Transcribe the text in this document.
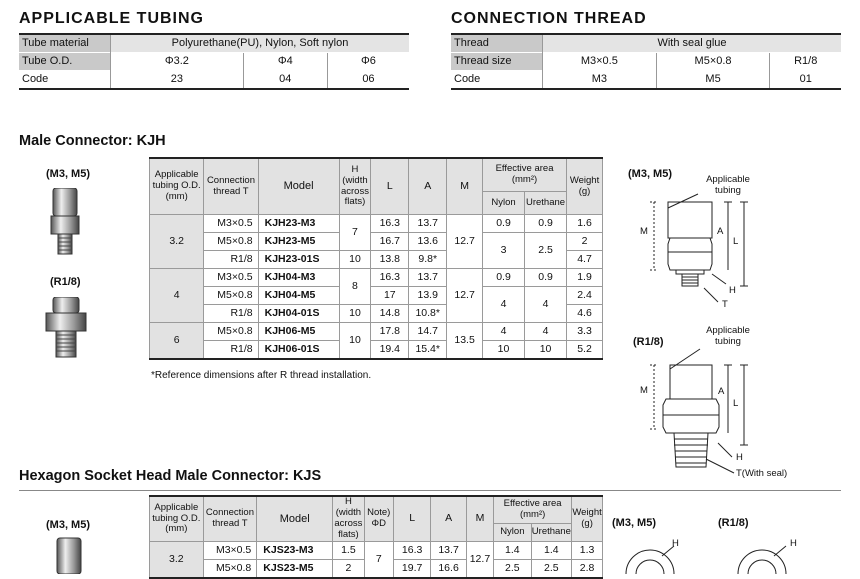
APPLICABLE TUBING
Tube material	Polyurethane(PU), Nylon, Soft nylon		
Tube O.D.	Φ3.2	Φ4	Φ6
Code	23	04	06
CONNECTION THREAD
Thread	With seal glue		
Thread size	M3×0.5	M5×0.8	R1/8
Code	M3	M5	01
Male Connector: KJH
(M3, M5)
(R1/8)
Applicable tubing O.D. (mm)	Connection thread T	Model	H (width across flats)	L	A	M	Effective area (mm²)		Weight (g)
							Nylon	Urethane	
3.2	M3×0.5	KJH23-M3	7	16.3	13.7	12.7	0.9	0.9	1.6
	M5×0.8	KJH23-M5		16.7	13.6		3	2.5	2
	R1/8	KJH23-01S	10	13.8	9.8*				4.7
4	M3×0.5	KJH04-M3	8	16.3	13.7	12.7	0.9	0.9	1.9
	M5×0.8	KJH04-M5		17	13.9		4	4	2.4
	R1/8	KJH04-01S	10	14.8	10.8*				4.6
6	M5×0.8	KJH06-M5	10	17.8	14.7	13.5	4	4	3.3
	R1/8	KJH06-01S		19.4	15.4*		10	10	5.2
*Reference dimensions after R thread installation.
(M3, M5)	Applicable tubing
M	A
L
H
T
(R1/8)
Applicable tubing
M	A
L
H
T(With seal)
Hexagon Socket Head Male Connector: KJS
(M3, M5)
Applicable tubing O.D. (mm)	Connection thread T	Model	H (width across flats)	Note) ΦD	L	A	M	Effective area (mm²)		Weight (g)
								Nylon	Urethane	
3.2	M3×0.5	KJS23-M3	1.5	7	16.3	13.7	12.7	1.4	1.4	1.3
	M5×0.8	KJS23-M5	2		19.7	16.6		2.5	2.5	2.8
(M3, M5)	(R1/8)
H	H
